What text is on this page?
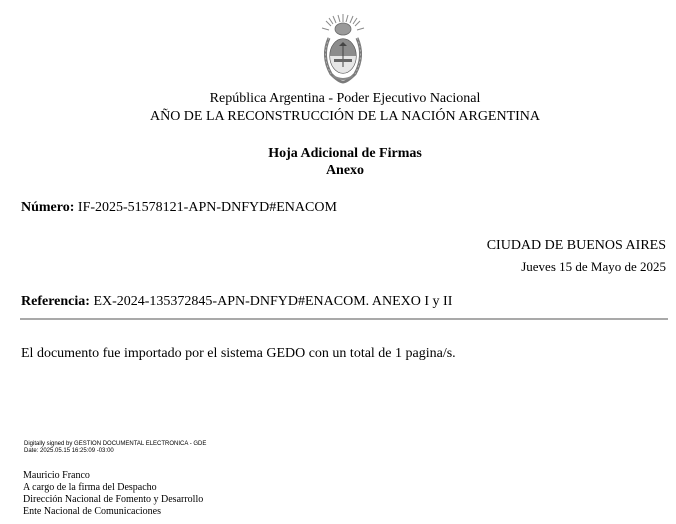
República Argentina - Poder Ejecutivo Nacional
AÑO DE LA RECONSTRUCCIÓN DE LA NACIÓN ARGENTINA
Hoja Adicional de Firmas
Anexo
Número: IF-2025-51578121-APN-DNFYD#ENACOM
CIUDAD DE BUENOS AIRES
Jueves 15 de Mayo de 2025
Referencia: EX-2024-135372845-APN-DNFYD#ENACOM. ANEXO I y II
El documento fue importado por el sistema GEDO con un total de 1 pagina/s.
Digitally signed by GESTION DOCUMENTAL ELECTRONICA - GDE
Date: 2025.05.15 16:25:09 -03:00
Mauricio Franco
A cargo de la firma del Despacho
Dirección Nacional de Fomento y Desarrollo
Ente Nacional de Comunicaciones
